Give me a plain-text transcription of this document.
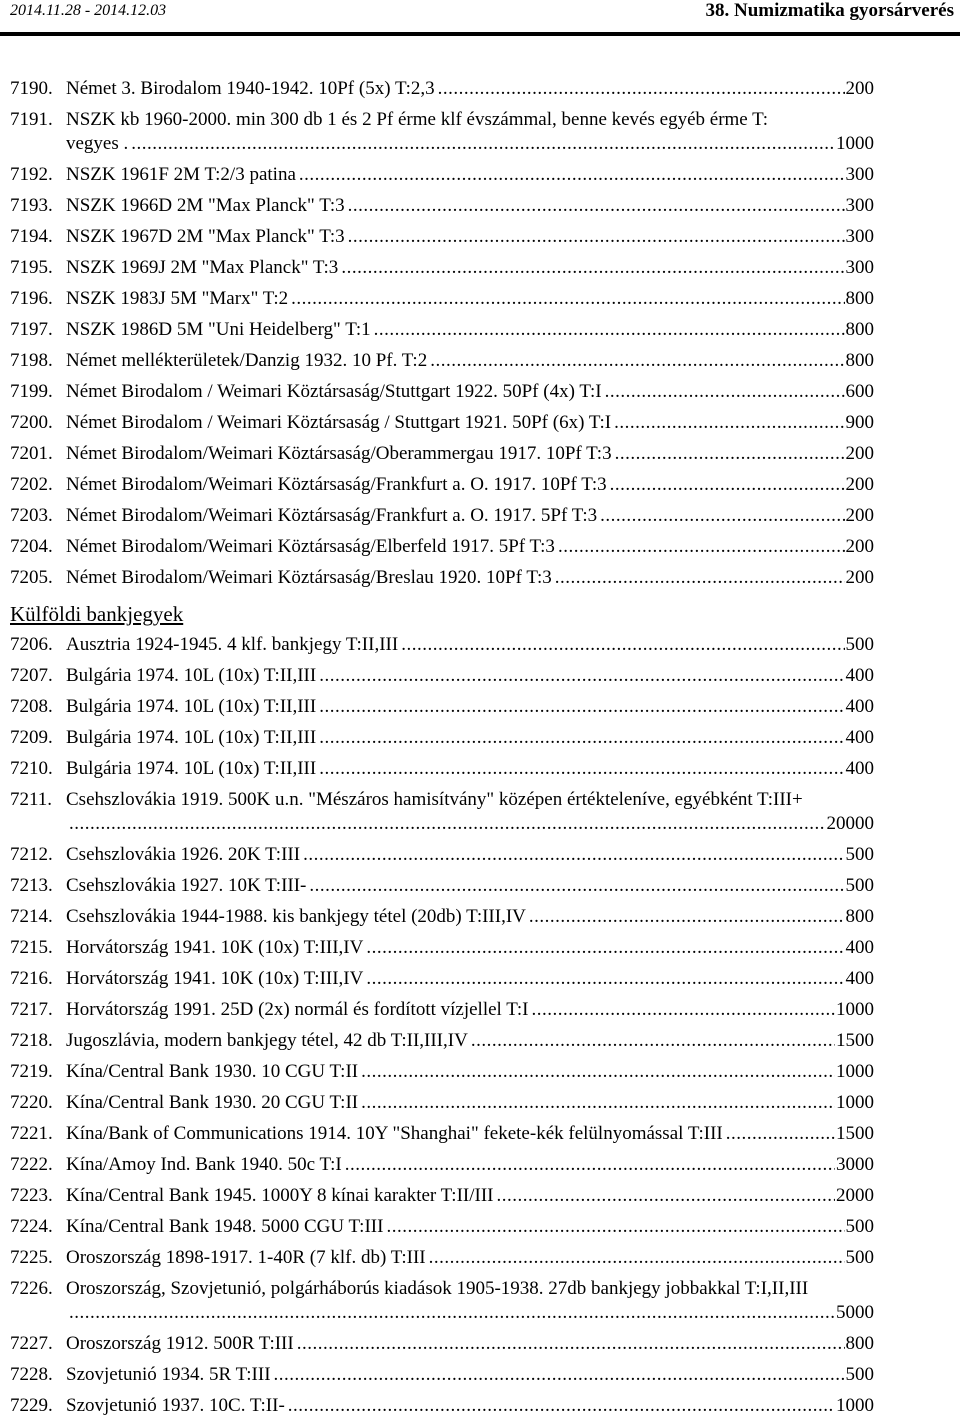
2014.11.28 - 2014.12.03	38. Numizmatika gyorsárverés
7190. Német 3. Birodalom 1940-1942. 10Pf (5x) T:2,3 .....	200
7191. NSZK kb 1960-2000. min 300 db 1 és 2 Pf érme klf évszámmal, benne kevés egyéb érme T:
vegyes . .....	1000
7192. NSZK 1961F 2M T:2/3 patina .....	300
7193. NSZK 1966D 2M "Max Planck" T:3 .....	300
7194. NSZK 1967D 2M "Max Planck" T:3 .....	300
7195. NSZK 1969J 2M "Max Planck" T:3 .....	300
7196. NSZK 1983J 5M "Marx" T:2 .....	800
7197. NSZK 1986D 5M "Uni Heidelberg" T:1 .....	800
7198. Német mellékterületek/Danzig 1932. 10 Pf. T:2 .....	800
7199. Német Birodalom / Weimari Köztársaság/Stuttgart 1922. 50Pf (4x) T:I .....	600
7200. Német Birodalom / Weimari Köztársaság / Stuttgart 1921. 50Pf (6x) T:I .....	900
7201. Német Birodalom/Weimari Köztársaság/Oberammergau 1917. 10Pf T:3 .....	200
7202. Német Birodalom/Weimari Köztársaság/Frankfurt a. O. 1917. 10Pf T:3 .....	200
7203. Német Birodalom/Weimari Köztársaság/Frankfurt a. O. 1917. 5Pf T:3 .....	200
7204. Német Birodalom/Weimari Köztársaság/Elberfeld 1917. 5Pf T:3 .....	200
7205. Német Birodalom/Weimari Köztársaság/Breslau 1920. 10Pf T:3 .....	200
Külföldi bankjegyek
7206. Ausztria 1924-1945. 4 klf. bankjegy T:II,III .....	500
7207. Bulgária 1974. 10L (10x) T:II,III .....	400
7208. Bulgária 1974. 10L (10x) T:II,III .....	400
7209. Bulgária 1974. 10L (10x) T:II,III .....	400
7210. Bulgária 1974. 10L (10x) T:II,III .....	400
7211. Csehszlovákia 1919. 500K u.n. "Mészáros hamisítvány" középen értékteleníve, egyébként T:III+
.....
20000
7212. Csehszlovákia 1926. 20K T:III .....	500
7213. Csehszlovákia 1927. 10K T:III- .....	500
7214. Csehszlovákia 1944-1988. kis bankjegy tétel (20db) T:III,IV .....	800
7215. Horvátország 1941. 10K (10x) T:III,IV .....	400
7216. Horvátország 1941. 10K (10x) T:III,IV .....	400
7217. Horvátország 1991. 25D (2x) normál és fordított vízjellel T:I .....	1000
7218. Jugoszlávia, modern bankjegy tétel, 42 db T:II,III,IV .....	1500
7219. Kína/Central Bank 1930. 10 CGU T:II .....	1000
7220. Kína/Central Bank 1930. 20 CGU T:II .....	1000
7221. Kína/Bank of Communications 1914. 10Y "Shanghai" fekete-kék felülnyomással T:III .....	1500
7222. Kína/Amoy Ind. Bank 1940. 50c T:I .....	3000
7223. Kína/Central Bank 1945. 1000Y 8 kínai karakter T:II/III .....	2000
7224. Kína/Central Bank 1948. 5000 CGU T:III .....	500
7225. Oroszország 1898-1917. 1-40R (7 klf. db) T:III .....	500
7226. Oroszország, Szovjetunió, polgárháborús kiadások 1905-1938. 27db bankjegy jobbakkal T:I,II,III
.....
5000
7227. Oroszország 1912. 500R T:III .....	800
7228. Szovjetunió 1934. 5R T:III .....	500
7229. Szovjetunió 1937. 10C. T:II- .....	1000
